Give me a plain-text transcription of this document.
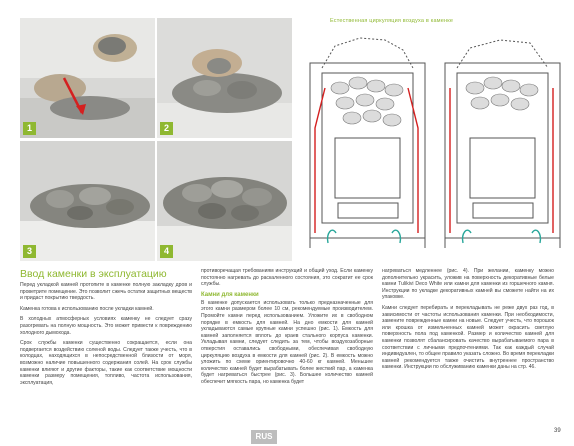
1	2
3	4
Естественная циркуляция воздуха в каменке
Ввод каменки в эксплуатацию

Перед укладкой камней протопите в каменке полную закладку дров и проветрите помещение. Это позволит сжечь остатки защитных веществ и придаст покрытию твердость.

Каменка готова к использованию после укладки камней.

В холодных атмосферных условиях каменку не следует сразу разогревать на полную мощность. Это может привести к повреждению холодного дымохода.

Срок службы каменки существенно сокращается, если она подвергается воздействию соленой воды. Следует также учесть, что в колодцах, находящихся в непосредственной близости от моря, возможно наличие повышенного содержания солей. На срок службы каменки влияют и другие факторы, такие как соответствие мощности каменки размеру помещения, топливо, частота использования, эксплуатация,

противоречащая требованиям инструкций и общий уход. Если каменку постоянно нагревать до раскаленного состояния, это сократит ее срок службы.

Камни для каменки

В каменке допускается использовать только предназначенные для этого камни размером более 10 см, рекомендуемые производителем. Промойте камни перед использованием. Уложите их в свободном порядке в емкость для камней. На дно емкости для камней укладываются самые крупные камни успешно (рис. 1). Емкость для камней заполняется вплоть до краев стального корпуса каменки. Укладывая камни, следует следить за тем, чтобы воздухозаборные отверстия оставались свободными, обеспечивая свободную циркуляцию воздуха в емкости для камней (рис. 2). В емкость можно уложить по схеме ориентировочно 40-60 кг камней. Меньшее количество камней будет вырабатывать более жесткий пар, а каменка будет нагреваться быстрее (рис. 3). Большее количество камней обеспечит мягкость пара, но каменка будет

нагреваться медленнее (рис. 4). При желании, каменку можно дополнительно украсить, уложив на поверхность декоративные белые камни Tulikivi Deco White или камни для каменки из горшечного камня. Инструкции по укладке декоративных камней вы сможете найти на их упаковке.

Камни следует перебирать и перекладывать не реже двух раз год, в зависимости от частоты использования каменки. При необходимости, замените поврежденные камни на новые. Следует учесть, что порошок или крошка от измельченных камней может окрасить светлую поверхность пола под каменкой. Размер и количество камней для каменки позволят сбалансировать качество вырабатываемого пара в соответствии с личными предпочтениями. Так как каждый случай индивидуален, то общее правило указать сложно. Во время перекладки камней рекомендуется также очистить внутреннее пространство каменки. Инструкции по обслуживанию каменки даны на стр. 46.

RUS
39
